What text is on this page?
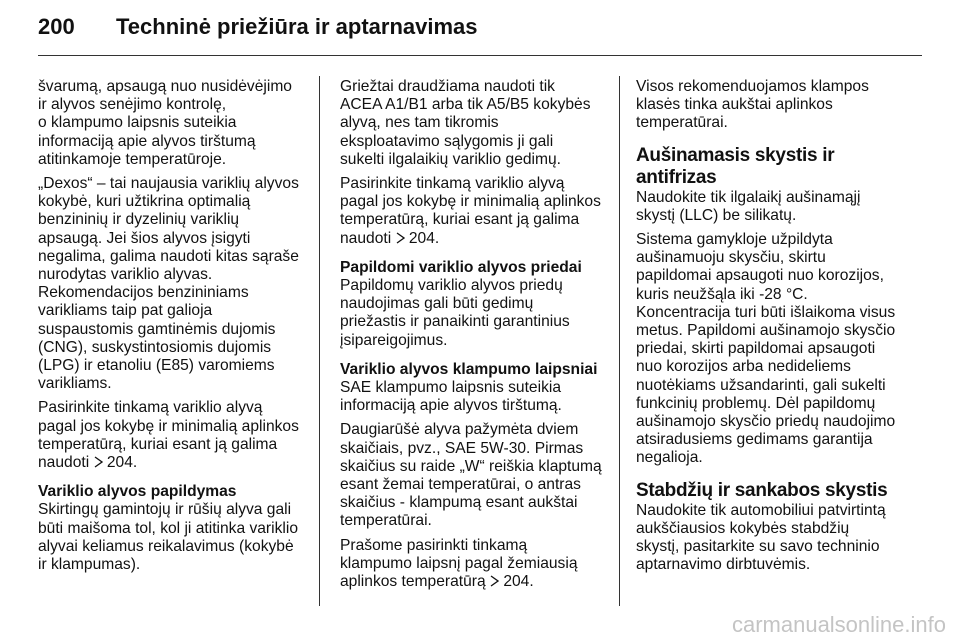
200	Techninė priežiūra ir aptarnavimas

švarumą, apsaugą nuo nusidėvėjimo
ir alyvos senėjimo kontrolę,
o klampumo laipsnis suteikia
informaciją apie alyvos tirštumą
atitinkamoje temperatūroje.

„Dexos“ – tai naujausia variklių alyvos
kokybė, kuri užtikrina optimalią
benzininių ir dyzelinių variklių
apsaugą. Jei šios alyvos įsigyti
negalima, galima naudoti kitas sąraše
nurodytas variklio alyvas.
Rekomendacijos benzininiams
varikliams taip pat galioja
suspaustomis gamtinėmis dujomis
(CNG), suskystintosiomis dujomis
(LPG) ir etanoliu (E85) varomiems
varikliams.

Pasirinkite tinkamą variklio alyvą
pagal jos kokybę ir minimalią aplinkos
temperatūrą, kuriai esant ją galima
naudoti 204.

Variklio alyvos papildymas

Skirtingų gamintojų ir rūšių alyva gali
būti maišoma tol, kol ji atitinka variklio
alyvai keliamus reikalavimus (kokybė
ir klampumas).

Griežtai draudžiama naudoti tik
ACEA A1/B1 arba tik A5/B5 kokybės
alyvą, nes tam tikromis
eksploatavimo sąlygomis ji gali
sukelti ilgalaikių variklio gedimų.

Pasirinkite tinkamą variklio alyvą
pagal jos kokybę ir minimalią aplinkos
temperatūrą, kuriai esant ją galima
naudoti 204.

Papildomi variklio alyvos priedai

Papildomų variklio alyvos priedų
naudojimas gali būti gedimų
priežastis ir panaikinti garantinius
įsipareigojimus.

Variklio alyvos klampumo laipsniai

SAE klampumo laipsnis suteikia
informaciją apie alyvos tirštumą.

Daugiarūšė alyva pažymėta dviem
skaičiais, pvz., SAE 5W-30. Pirmas
skaičius su raide „W“ reiškia klaptumą
esant žemai temperatūrai, o antras
skaičius - klampumą esant aukštai
temperatūrai.

Prašome pasirinkti tinkamą
klampumo laipsnį pagal žemiausią
aplinkos temperatūrą 204.

Visos rekomenduojamos klampos
klasės tinka aukštai aplinkos
temperatūrai.

Aušinamasis skystis ir antifrizas

Naudokite tik ilgalaikį aušinamąjį
skystį (LLC) be silikatų.

Sistema gamykloje užpildyta
aušinamuoju skysčiu, skirtu
papildomai apsaugoti nuo korozijos,
kuris neužšąla iki -28 °C.
Koncentracija turi būti išlaikoma visus
metus. Papildomi aušinamojo skysčio
priedai, skirti papildomai apsaugoti
nuo korozijos arba nedideliems
nuotėkiams užsandarinti, gali sukelti
funkcinių problemų. Dėl papildomų
aušinamojo skysčio priedų naudojimo
atsiradusiems gedimams garantija
negalioja.

Stabdžių ir sankabos skystis

Naudokite tik automobiliui patvirtintą
aukščiausios kokybės stabdžių
skystį, pasitarkite su savo techninio
aptarnavimo dirbtuvėmis.

carmanualsonline.info
